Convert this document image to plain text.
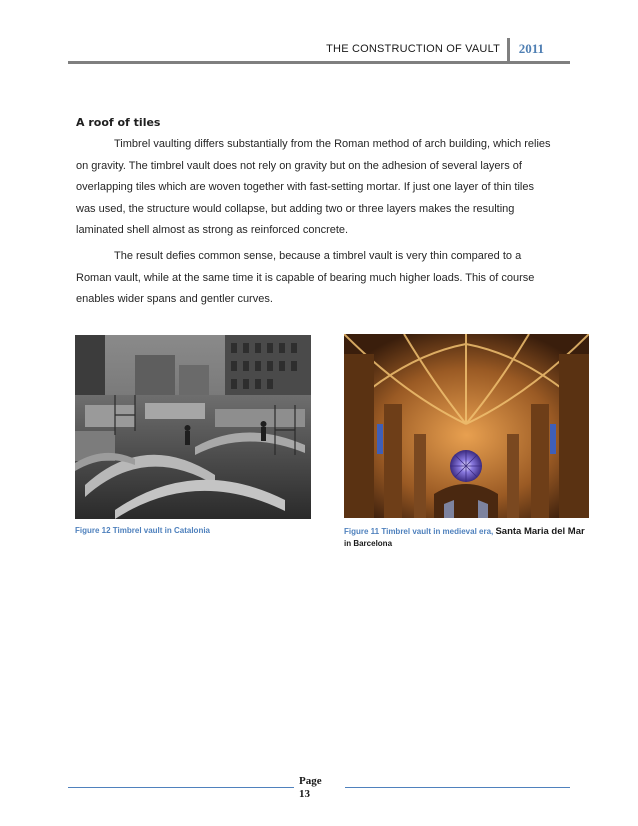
THE CONSTRUCTION OF VAULT 2011
A roof of tiles

Timbrel vaulting differs substantially from the Roman method of arch building, which relies on gravity. The timbrel vault does not rely on gravity but on the adhesion of several layers of overlapping tiles which are woven together with fast-setting mortar. If just one layer of thin tiles was used, the structure would collapse, but adding two or three layers makes the resulting laminated shell almost as strong as reinforced concrete.

The result defies common sense, because a timbrel vault is very thin compared to a Roman vault, while at the same time it is capable of bearing much higher loads. This of course enables wider spans and gentler curves.

Figure 12 Timbrel vault in Catalonia	Figure 11 Timbrel vault in medieval era, Santa Maria del Mar in Barcelona
Page
13
